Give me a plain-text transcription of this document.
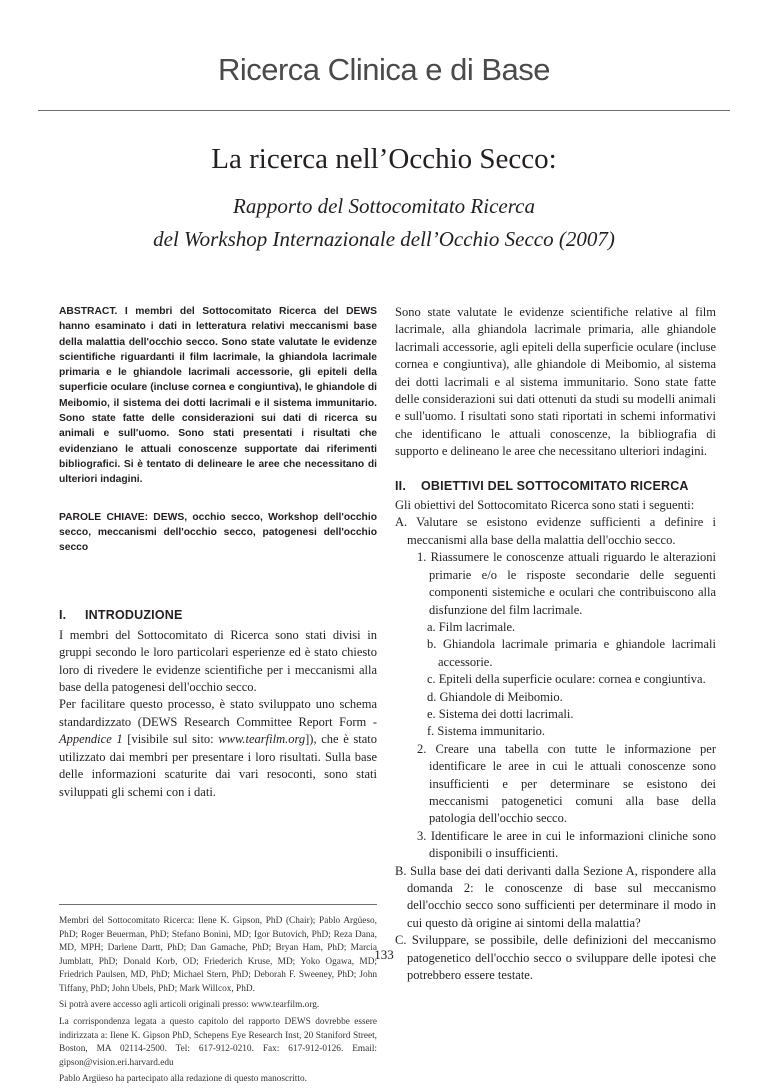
Ricerca Clinica e di Base
La ricerca nell’Occhio Secco:
Rapporto del Sottocomitato Ricerca
del Workshop Internazionale dell’Occhio Secco (2007)

ABSTRACT. I membri del Sottocomitato Ricerca del DEWS hanno esaminato i dati in letteratura relativi meccanismi base della malattia dell'occhio secco. Sono state valutate le evidenze scientifiche riguardanti il film lacrimale, la ghiandola lacrimale primaria e le ghiandole lacrimali accessorie, gli epiteli della superficie oculare (incluse cornea e congiuntiva), le ghiandole di Meibomio, il sistema dei dotti lacrimali e il sistema immunitario. Sono state fatte delle considerazioni sui dati di ricerca su animali e sull'uomo. Sono stati presentati i risultati che evidenziano le attuali conoscenze supportate dai riferimenti bibliografici. Si è tentato di delineare le aree che necessitano di ulteriori indagini.

PAROLE CHIAVE: DEWS, occhio secco, Workshop dell'occhio secco, meccanismi dell'occhio secco, patogenesi dell'occhio secco

I. INTRODUZIONE

I membri del Sottocomitato di Ricerca sono stati divisi in gruppi secondo le loro particolari esperienze ed è stato chiesto loro di rivedere le evidenze scientifiche per i meccanismi alla base della patogenesi dell'occhio secco.

Per facilitare questo processo, è stato sviluppato uno schema standardizzato (DEWS Research Committee Report Form - Appendice 1 [visibile sul sito: www.tearfilm.org]), che è stato utilizzato dai membri per presentare i loro risultati. Sulla base delle informazioni scaturite dai vari resoconti, sono stati sviluppati gli schemi con i dati.

Membri del Sottocomitato Ricerca: Ilene K. Gipson, PhD (Chair); Pablo Argüeso, PhD; Roger Beuerman, PhD; Stefano Bonini, MD; Igor Butovich, PhD; Reza Dana, MD, MPH; Darlene Dartt, PhD; Dan Gamache, PhD; Bryan Ham, PhD; Marcia Jumblatt, PhD; Donald Korb, OD; Friederich Kruse, MD; Yoko Ogawa, MD; Friedrich Paulsen, MD, PhD; Michael Stern, PhD; Deborah F. Sweeney, PhD; John Tiffany, PhD; John Ubels, PhD; Mark Willcox, PhD.

Si potrà avere accesso agli articoli originali presso: www.tearfilm.org.

La corrispondenza legata a questo capitolo del rapporto DEWS dovrebbe essere indirizzata a: Ilene K. Gipson PhD, Schepens Eye Research Inst, 20 Staniford Street, Boston, MA 02114-2500. Tel: 617-912-0210. Fax: 617-912-0126. Email: gipson@vision.eri.harvard.edu

Pablo Argüeso ha partecipato alla redazione di questo manoscritto.

Sono state valutate le evidenze scientifiche relative al film lacrimale, alla ghiandola lacrimale primaria, alle ghiandole lacrimali accessorie, agli epiteli della superficie oculare (incluse cornea e congiuntiva), alle ghiandole di Meibomio, al sistema dei dotti lacrimali e al sistema immunitario. Sono state fatte delle considerazioni sui dati ottenuti da studi su modelli animali e sull'uomo. I risultati sono stati riportati in schemi informativi che identificano le attuali conoscenze, la bibliografia di supporto e delineano le aree che necessitano ulteriori indagini.

II. OBIETTIVI DEL SOTTOCOMITATO RICERCA

Gli obiettivi del Sottocomitato Ricerca sono stati i seguenti:

A. Valutare se esistono evidenze sufficienti a definire i meccanismi alla base della malattia dell'occhio secco.
1. Riassumere le conoscenze attuali riguardo le alterazioni primarie e/o le risposte secondarie delle seguenti componenti sistemiche e oculari che contribuiscono alla disfunzione del film lacrimale.
a. Film lacrimale.
b. Ghiandola lacrimale primaria e ghiandole lacrimali accessorie.
c. Epiteli della superficie oculare: cornea e congiuntiva.
d. Ghiandole di Meibomio.
e. Sistema dei dotti lacrimali.
f. Sistema immunitario.
2. Creare una tabella con tutte le informazione per identificare le aree in cui le attuali conoscenze sono insufficienti e per determinare se esistono dei meccanismi patogenetici comuni alla base della patologia dell'occhio secco.
3. Identificare le aree in cui le informazioni cliniche sono disponibili o insufficienti.
B. Sulla base dei dati derivanti dalla Sezione A, rispondere alla domanda 2: le conoscenze di base sul meccanismo dell'occhio secco sono sufficienti per determinare il modo in cui questo dà origine ai sintomi della malattia?
C. Sviluppare, se possibile, delle definizioni del meccanismo patogenetico dell'occhio secco o sviluppare delle ipotesi che potrebbero essere testate.
133
